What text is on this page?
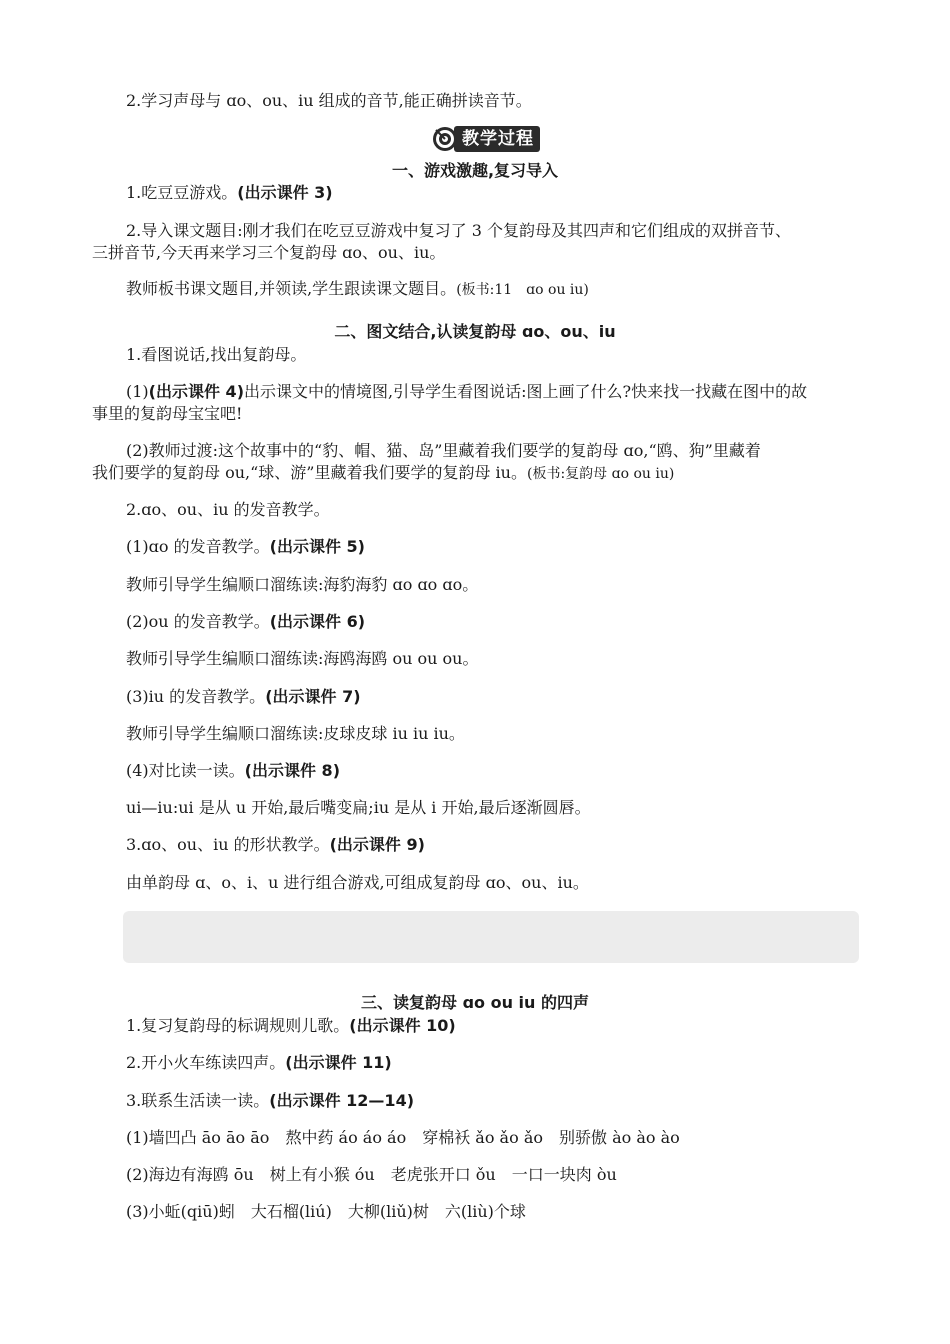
2.学习声母与 ɑo、ou、iu 组成的音节,能正确拼读音节。
教学过程
一、游戏激趣,复习导入
1.吃豆豆游戏。(出示课件 3)
2.导入课文题目:刚才我们在吃豆豆游戏中复习了 3 个复韵母及其四声和它们组成的双拼音节、
三拼音节,今天再来学习三个复韵母 ɑo、ou、iu。
教师板书课文题目,并领读,学生跟读课文题目。(板书:11　ɑo ou iu)
二、图文结合,认读复韵母 ɑo、ou、iu
1.看图说话,找出复韵母。
(1)(出示课件 4)出示课文中的情境图,引导学生看图说话:图上画了什么?快来找一找藏在图中的故
事里的复韵母宝宝吧!
(2)教师过渡:这个故事中的“豹、帽、猫、岛”里藏着我们要学的复韵母 ɑo,“鸥、狗”里藏着
我们要学的复韵母 ou,“球、游”里藏着我们要学的复韵母 iu。(板书:复韵母 ɑo ou iu)
2.ɑo、ou、iu 的发音教学。
(1)ɑo 的发音教学。(出示课件 5)
教师引导学生编顺口溜练读:海豹海豹 ɑo ɑo ɑo。
(2)ou 的发音教学。(出示课件 6)
教师引导学生编顺口溜练读:海鸥海鸥 ou ou ou。
(3)iu 的发音教学。(出示课件 7)
教师引导学生编顺口溜练读:皮球皮球 iu iu iu。
(4)对比读一读。(出示课件 8)
ui—iu:ui 是从 u 开始,最后嘴变扁;iu 是从 i 开始,最后逐渐圆唇。
3.ɑo、ou、iu 的形状教学。(出示课件 9)
由单韵母 ɑ、o、i、u 进行组合游戏,可组成复韵母 ɑo、ou、iu。
三、读复韵母 ɑo ou iu 的四声
1.复习复韵母的标调规则儿歌。(出示课件 10)
2.开小火车练读四声。(出示课件 11)
3.联系生活读一读。(出示课件 12—14)
(1)墙凹凸 āo āo āo　熬中药 áo áo áo　穿棉袄 ǎo ǎo ǎo　别骄傲 ào ào ào
(2)海边有海鸥 ōu　树上有小猴 óu　老虎张开口 ǒu　一口一块肉 òu
(3)小蚯(qiū)蚓　大石榴(liú)　大柳(liǔ)树　六(liù)个球
